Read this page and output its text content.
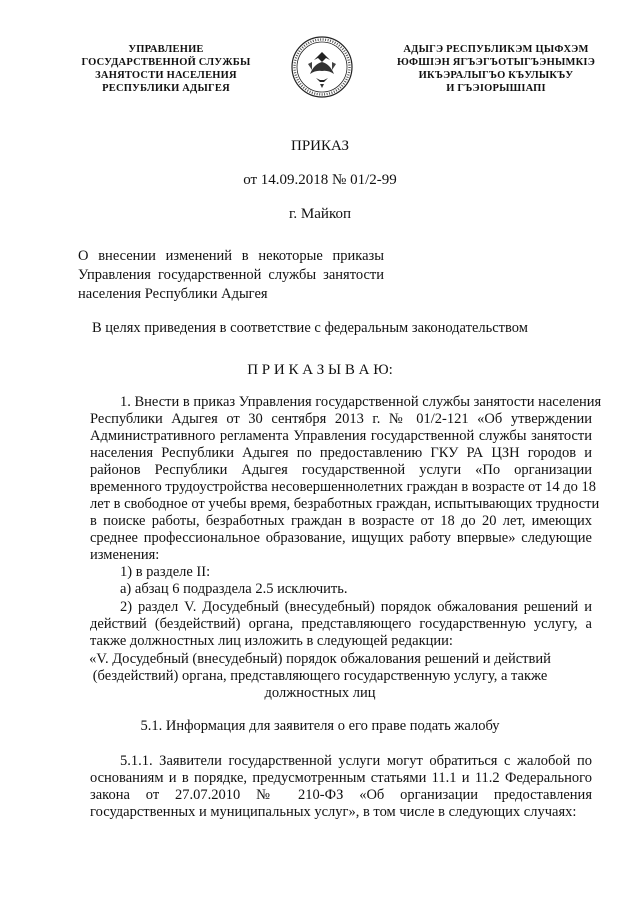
УПРАВЛЕНИЕ
ГОСУДАРСТВЕННОЙ СЛУЖБЫ
ЗАНЯТОСТИ НАСЕЛЕНИЯ
РЕСПУБЛИКИ АДЫГЕЯ
АДЫГЭ РЕСПУБЛИКЭМ ЦЫФХЭМ
ЮФШІЭН ЯГЪЭГЪОТЫГЪЭНЫМКІЭ
ИКЪЭРАЛЫГЪО КЪУЛЫКЪУ
И ГЪЭІОРЫШІАПІ
ПРИКАЗ
от 14.09.2018 № 01/2-99
г. Майкоп
О внесении изменений в некоторые приказы
Управления государственной службы занятости
населения Республики Адыгея
В целях приведения в соответствие с федеральным законодательством
П Р И К А З Ы В А Ю:
1. Внести в приказ Управления государственной службы занятости населения
Республики Адыгея от 30 сентября 2013 г. № 01/2-121 «Об утверждении
Административного регламента Управления государственной службы занятости
населения Республики Адыгея по предоставлению ГКУ РА ЦЗН городов и
районов Республики Адыгея государственной услуги «По организации
временного трудоустройства несовершеннолетних граждан в возрасте от 14 до 18
лет в свободное от учебы время, безработных граждан, испытывающих трудности
в поиске работы, безработных граждан в возрасте от 18 до 20 лет, имеющих
среднее профессиональное образование, ищущих работу впервые» следующие
изменения:
1) в разделе II:
а) абзац 6 подраздела 2.5 исключить.
2) раздел V. Досудебный (внесудебный) порядок обжалования решений и
действий (бездействий) органа, представляющего государственную услугу, а
также должностных лиц изложить в следующей редакции:
«V. Досудебный (внесудебный) порядок обжалования решений и действий
(бездействий) органа, представляющего государственную услугу, а также
должностных лиц
5.1. Информация для заявителя о его праве подать жалобу
5.1.1. Заявители государственной услуги могут обратиться с жалобой по
основаниям и в порядке, предусмотренным статьями 11.1 и 11.2 Федерального
закона от 27.07.2010 № 210-ФЗ «Об организации предоставления
государственных и муниципальных услуг», в том числе в следующих случаях:
